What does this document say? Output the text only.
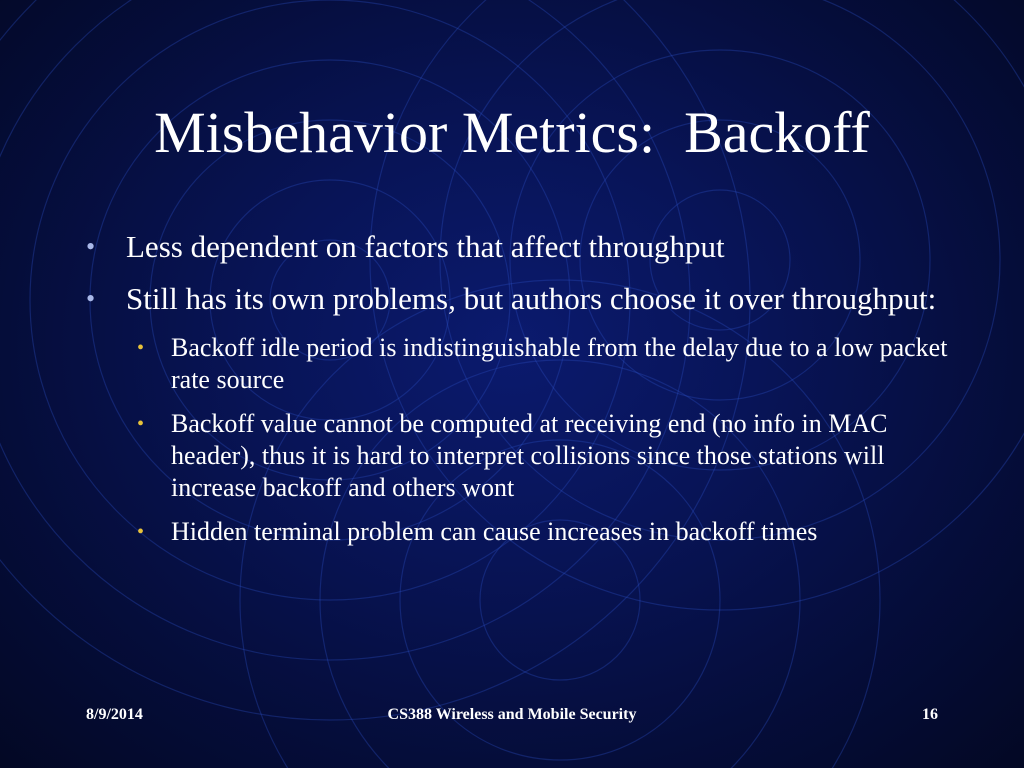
Misbehavior Metrics:  Backoff
• Less dependent on factors that affect throughput
• Still has its own problems, but authors choose it over throughput:
• Backoff idle period is indistinguishable from the delay due to a low packet rate source
• Backoff value cannot be computed at receiving end (no info in MAC header), thus it is hard to interpret collisions since those stations will increase backoff and others wont
• Hidden terminal problem can cause increases in backoff times
8/9/2014	CS388 Wireless and Mobile Security	16
